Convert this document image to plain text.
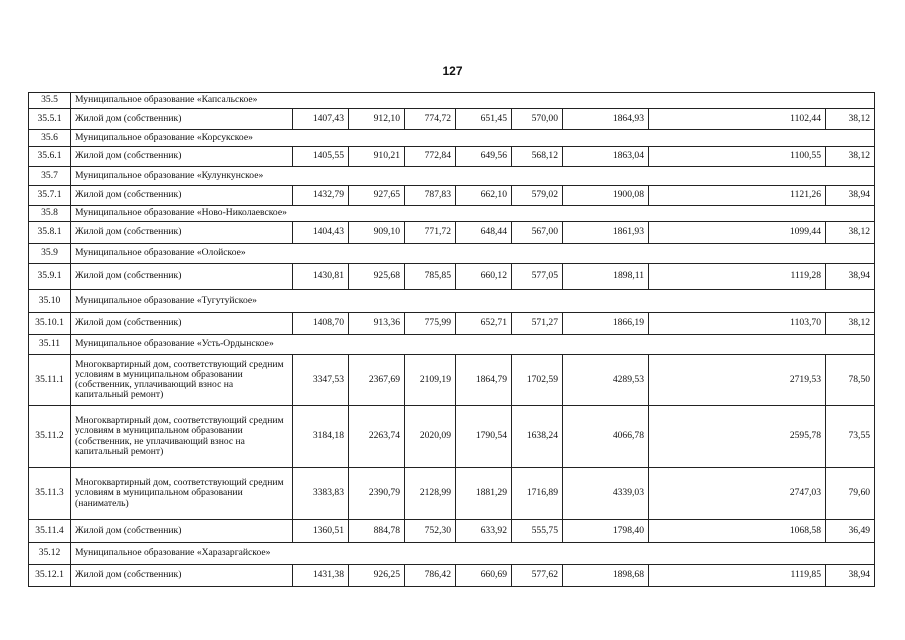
127
35.5	Муниципальное образование «Капсальское»								
35.5.1	Жилой дом (собственник)	1407,43	912,10	774,72	651,45	570,00	1864,93	1102,44	38,12
35.6	Муниципальное образование «Корсукское»								
35.6.1	Жилой дом (собственник)	1405,55	910,21	772,84	649,56	568,12	1863,04	1100,55	38,12
35.7	Муниципальное образование «Кулункунское»								
35.7.1	Жилой дом (собственник)	1432,79	927,65	787,83	662,10	579,02	1900,08	1121,26	38,94
35.8	Муниципальное образование «Ново-Николаевское»								
35.8.1	Жилой дом (собственник)	1404,43	909,10	771,72	648,44	567,00	1861,93	1099,44	38,12
35.9	Муниципальное образование «Олойское»								
35.9.1	Жилой дом (собственник)	1430,81	925,68	785,85	660,12	577,05	1898,11	1119,28	38,94
35.10	Муниципальное образование «Тугутуйское»								
35.10.1	Жилой дом (собственник)	1408,70	913,36	775,99	652,71	571,27	1866,19	1103,70	38,12
35.11	Муниципальное образование «Усть-Ордынское»								
35.11.1	Многоквартирный дом, соответствующий средним условиям в муниципальном образовании (собственник, уплачивающий взнос на капитальный ремонт)	3347,53	2367,69	2109,19	1864,79	1702,59	4289,53	2719,53	78,50
35.11.2	Многоквартирный дом, соответствующий средним условиям в муниципальном образовании (собственник, не уплачивающий взнос на капитальный ремонт)	3184,18	2263,74	2020,09	1790,54	1638,24	4066,78	2595,78	73,55
35.11.3	Многоквартирный дом, соответствующий средним условиям в муниципальном образовании (наниматель)	3383,83	2390,79	2128,99	1881,29	1716,89	4339,03	2747,03	79,60
35.11.4	Жилой дом (собственник)	1360,51	884,78	752,30	633,92	555,75	1798,40	1068,58	36,49
35.12	Муниципальное образование «Харазаргайское»								
35.12.1	Жилой дом (собственник)	1431,38	926,25	786,42	660,69	577,62	1898,68	1119,85	38,94
